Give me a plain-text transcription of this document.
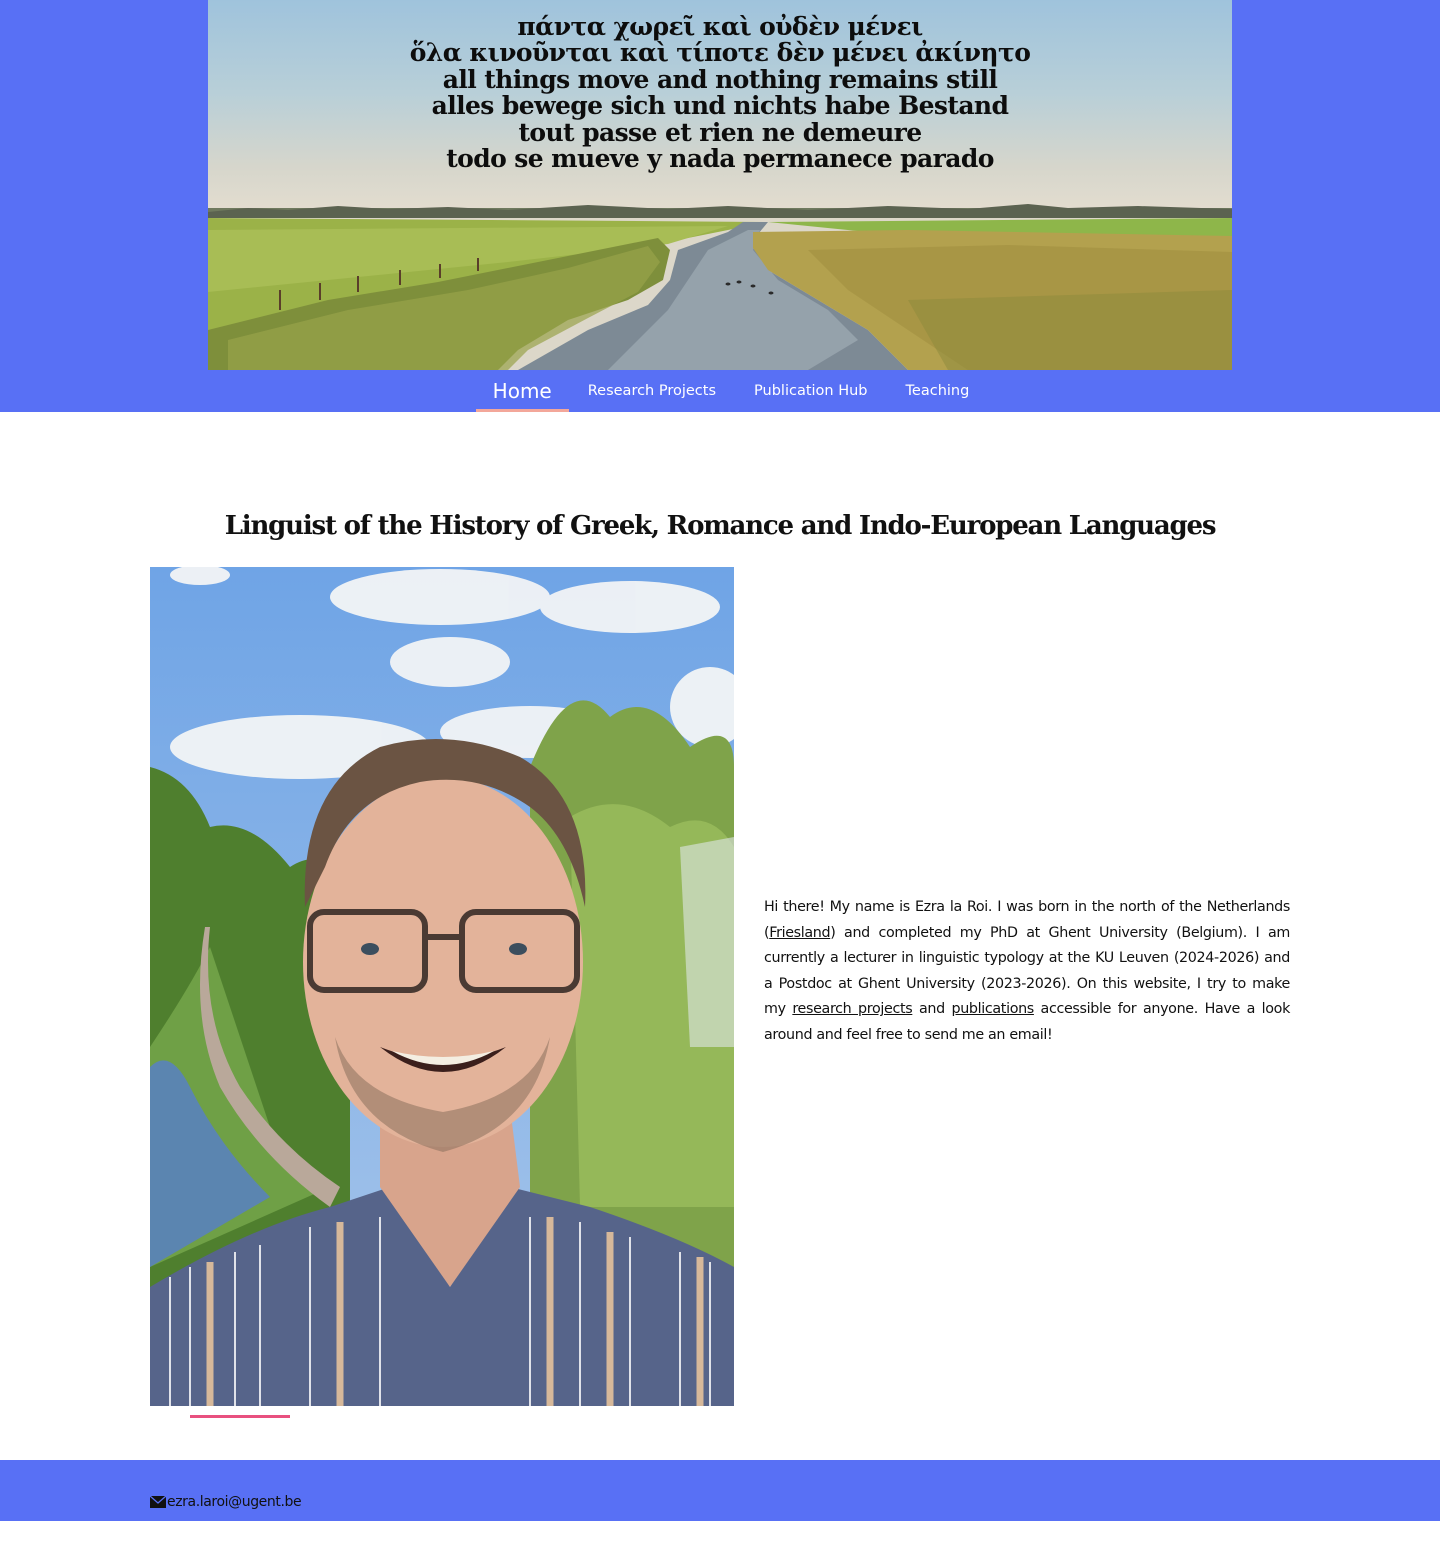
πάντα χωρεῖ καὶ οὐδὲν μένει
ὅλα κινοῦνται καὶ τίποτε δὲν μένει ἀκίνητο
all things move and nothing remains still
alles bewege sich und nichts habe Bestand
tout passe et rien ne demeure
todo se mueve y nada permanece parado
Home	Research Projects	Publication Hub	Teaching
Linguist of the History of Greek, Romance and Indo-European Languages

Hi there! My name is Ezra la Roi. I was born in the north of the Netherlands (Friesland) and completed my PhD at Ghent University (Belgium). I am currently a lecturer in linguistic typology at the KU Leuven (2024-2026) and a Postdoc at Ghent University (2023-2026). On this website, I try to make my research projects and publications accessible for anyone. Have a look around and feel free to send me an email!

ezra.laroi@ugent.be
